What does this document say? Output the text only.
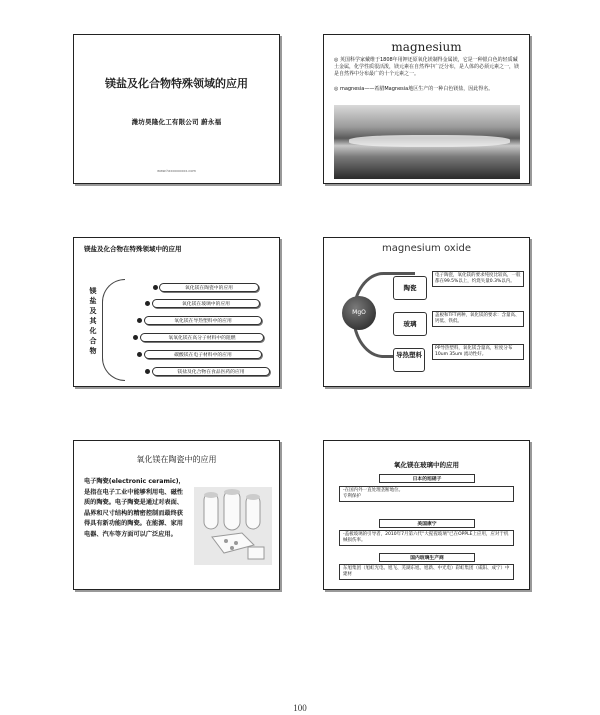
镁盐及化合物特殊领域的应用
潍坊昊隆化工有限公司 蔚永福
www.hxxxxxxxxx.com
magnesium
◎ 英国科学家戴维于1808年用钾还原氧化镁制得金属镁，它是一种银白色的轻质碱土金属，化学性质很活泼，镁元素在自然界中广泛分布，是人体的必须元素之一，镁是自然界中分布最广的十个元素之一。
◎ magnesia——希腊Magnesia地区生产的一种白色镁盐，因此得名。
镁盐及化合物在特殊领域中的应用
镁盐及其化合物
氧化镁在陶瓷中的应用
氧化镁在玻璃中的应用
氧化镁在导热塑料中的应用
氧氧化镁在高分子材料中的阻燃
碳酸镁在电子材料中的应用
镁盐及化合物在食品医药的应用
magnesium oxide
MgO
陶瓷
电子陶瓷，氧化镁的要求纯度比较高，一般都在99.5%以上，灼烧失量0.3%以内。
玻璃
盖板和TFT两种，氧化镁的要求：含量高、钙低、铁低。
导热塑料
PP导热塑料，氧化镁含量高，粒度分布10um 35um 流动性好。
氧化镁在陶瓷中的应用
电子陶瓷(electronic ceramic)，是指在电子工业中能够利用电、磁性质的陶瓷。电子陶瓷是通过对表面、晶界和尺寸结构的精密控制而最终获得具有新功能的陶瓷。在能源、家用电器、汽车等方面可以广泛应用。
氧化镁在玻璃中的应用
日本的旭硝子
-在国内外一直处理垄断地位。
专利保护
美国康宁
-盖板玻璃的引导者，2010年7月第六代“大猩猩玻璃”已在OPPLE上应用，应对于机械损伤率。
国内玻璃生产商
东旭集团（旭虹光电、旭飞、芜湖东旭、旭新、中光电）彩虹集团（咸阳、成宁）中建材
100
